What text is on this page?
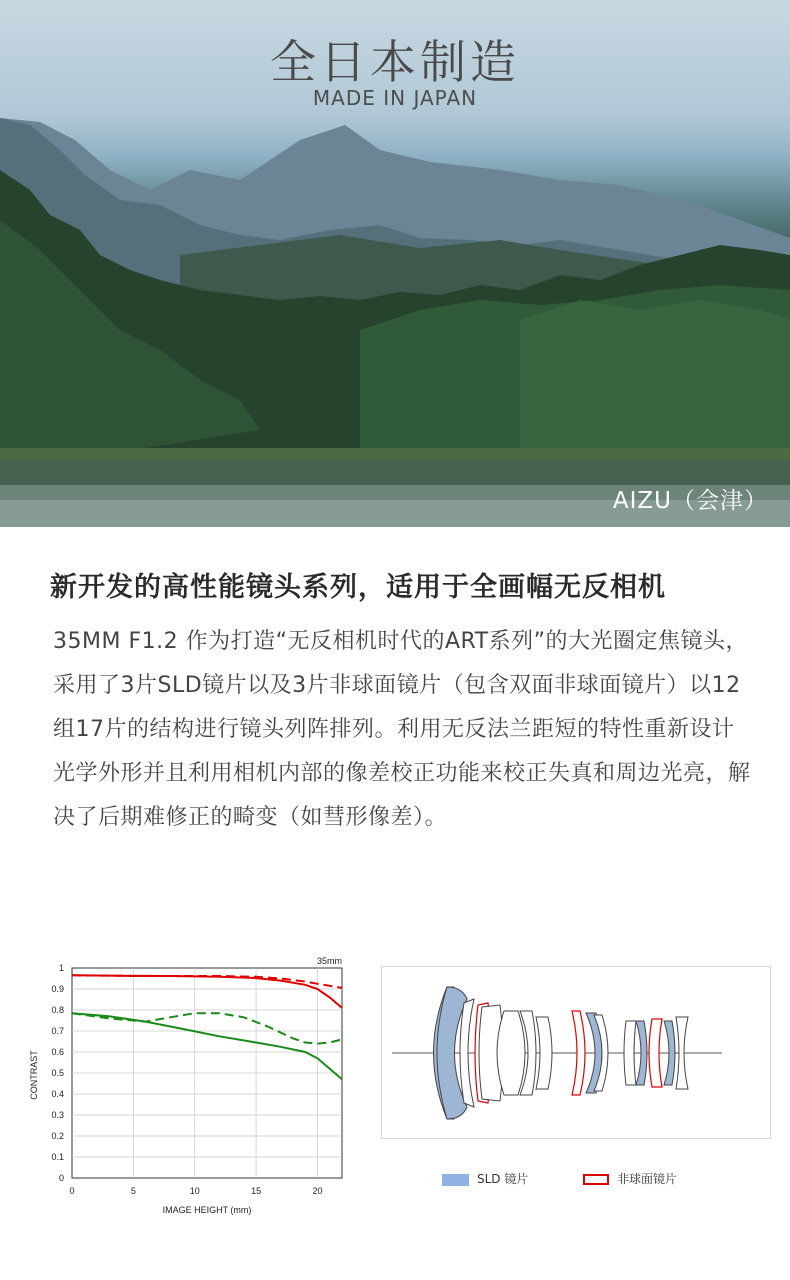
全日本制造
MADE IN JAPAN
AIZU（会津）
新开发的高性能镜头系列，适用于全画幅无反相机
35MM F1.2 作为打造“无反相机时代的ART系列”的大光圈定焦镜头，采用了3片SLD镜片以及3片非球面镜片（包含双面非球面镜片）以12组17片的结构进行镜头列阵排列。利用无反法兰距短的特性重新设计光学外形并且利用相机内部的像差校正功能来校正失真和周边光亮，解决了后期难修正的畸变（如彗形像差）。
0
0.1
0.2
0.3
0.4
0.5
0.6
0.7
0.8
0.9
1
0	5	10	15	20
35mm
IMAGE HEIGHT (mm)
CONTRAST
SLD 镜片	非球面镜片
